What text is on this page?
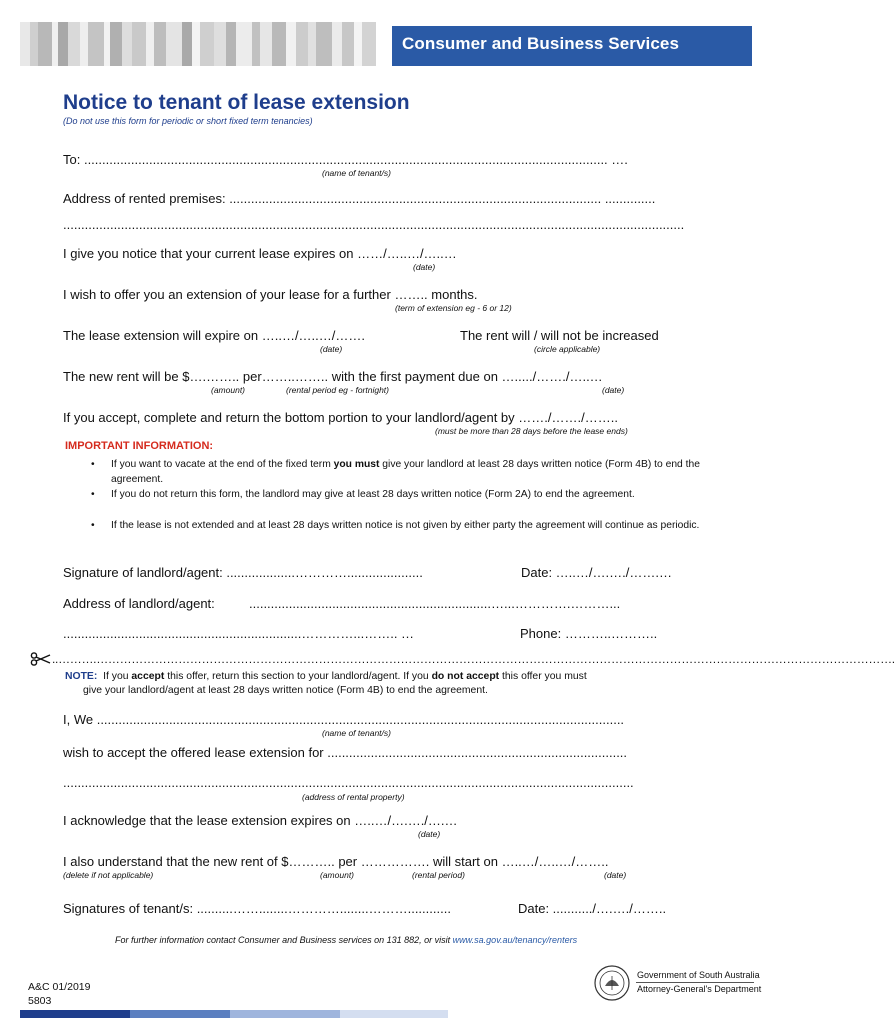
Consumer and Business Services
Notice to tenant of lease extension
(Do not use this form for periodic or short fixed term tenancies)
To: ................................................................................................................................................. ….
(name of tenant/s)
Address of rented premises: ....................................................................................................... ..............
............................................................................................................................................................................
I give you notice that your current lease expires on ……/…..…/…..…
(date)
I wish to offer you an extension of your lease for a further …….. months.
(term of extension eg - 6 or 12)
The lease extension will expire on …..…/…..…/…….
(date)
The rent will / will not be increased
(circle applicable)
The new rent will be $….…….. per……..…….. with the first payment due on …...../……./…..…
(amount)	(rental period eg - fortnight)	(date)
If you accept, complete and return the bottom portion to your landlord/agent by ……./……./……..
(must be more than 28 days before the lease ends)
IMPORTANT INFORMATION:
• If you want to vacate at the end of the fixed term you must give your landlord at least 28 days written notice (Form 4B) to end the agreement.
• If you do not return this form, the landlord may give at least 28 days written notice (Form 2A) to end the agreement.
• If the lease is not extended and at least 28 days written notice is not given by either party the agreement will continue as periodic.
Signature of landlord/agent: ...................………….....................	Date: …..…/….…./…….…
Address of landlord/agent:	...................................................................…...………….………...
..................................................................…………...…….. …	Phone: ………..………..
..……….…………………………………………………………………………………………………………………………………………………………………………………….
NOTE:  If you accept this offer, return this section to your landlord/agent. If you do not accept this offer you must
give your landlord/agent at least 28 days written notice (Form 4B) to end the agreement.
I, We ..................................................................................................................................................
(name of tenant/s)
wish to accept the offered lease extension for ...................................................................................
..............................................................................................................................................................
(address of rental property)
I acknowledge that the lease extension expires on …..…/….…./….…
(date)
I also understand that the new rent of $……….. per ……………. will start on …..…/…..…/……..
(delete if not applicable)	(amount)	(rental period)	(date)
Signatures of tenant/s: ..........……........…………........………............	Date: .........../….…./……..
For further information contact Consumer and Business services on 131 882, or visit www.sa.gov.au/tenancy/renters
A&C 01/2019
5803
Government of South Australia
Attorney-General's Department
